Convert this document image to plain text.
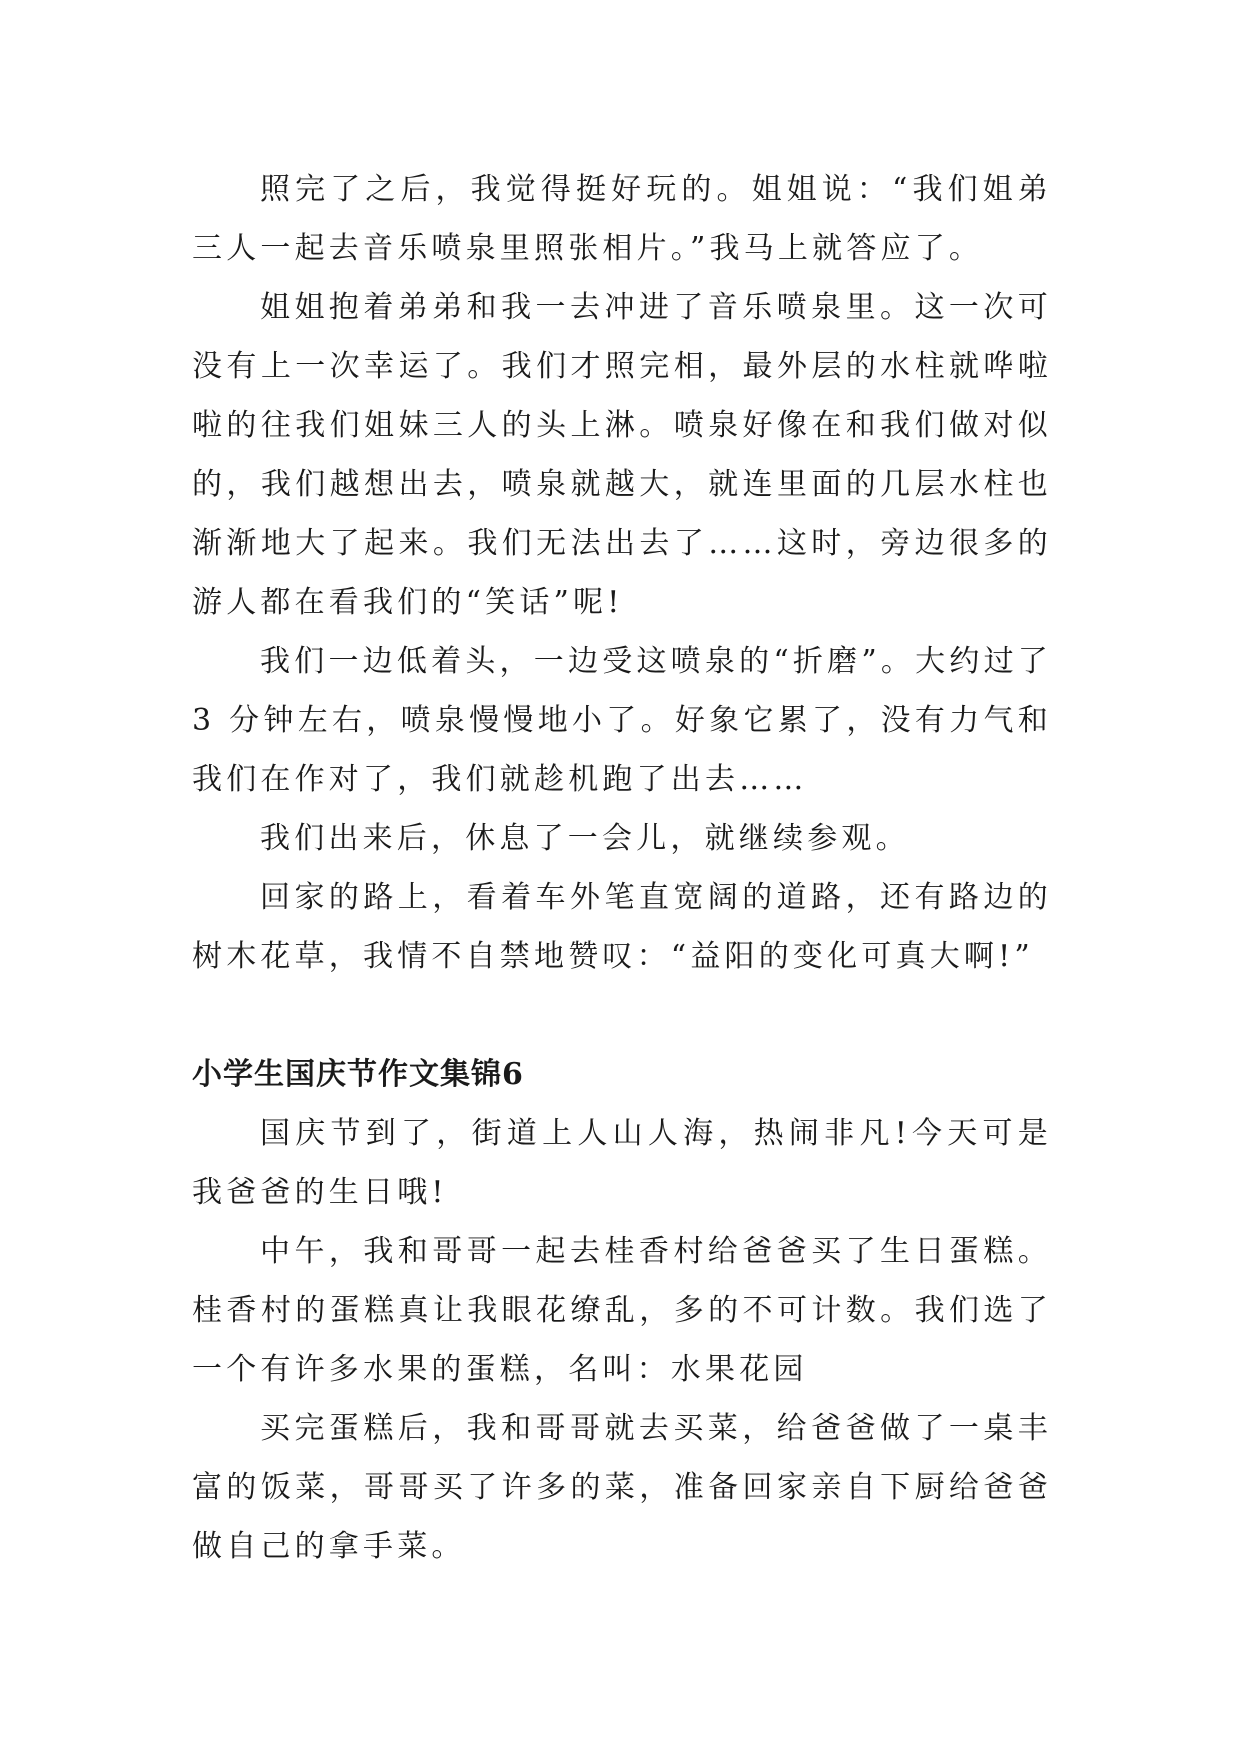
照完了之后，我觉得挺好玩的。姐姐说：“我们姐弟三人一起去音乐喷泉里照张相片。”我马上就答应了。

姐姐抱着弟弟和我一去冲进了音乐喷泉里。这一次可没有上一次幸运了。我们才照完相，最外层的水柱就哗啦啦的往我们姐妹三人的头上淋。喷泉好像在和我们做对似的，我们越想出去，喷泉就越大，就连里面的几层水柱也渐渐地大了起来。我们无法出去了……这时，旁边很多的游人都在看我们的“笑话”呢!

我们一边低着头，一边受这喷泉的“折磨”。大约过了 3 分钟左右，喷泉慢慢地小了。好象它累了，没有力气和我们在作对了，我们就趁机跑了出去……

我们出来后，休息了一会儿，就继续参观。

回家的路上，看着车外笔直宽阔的道路，还有路边的树木花草，我情不自禁地赞叹：“益阳的变化可真大啊!”

小学生国庆节作文集锦6

国庆节到了，街道上人山人海，热闹非凡!今天可是我爸爸的生日哦!

中午，我和哥哥一起去桂香村给爸爸买了生日蛋糕。桂香村的蛋糕真让我眼花缭乱，多的不可计数。我们选了一个有许多水果的蛋糕，名叫：水果花园

买完蛋糕后，我和哥哥就去买菜，给爸爸做了一桌丰富的饭菜，哥哥买了许多的菜，准备回家亲自下厨给爸爸做自己的拿手菜。
